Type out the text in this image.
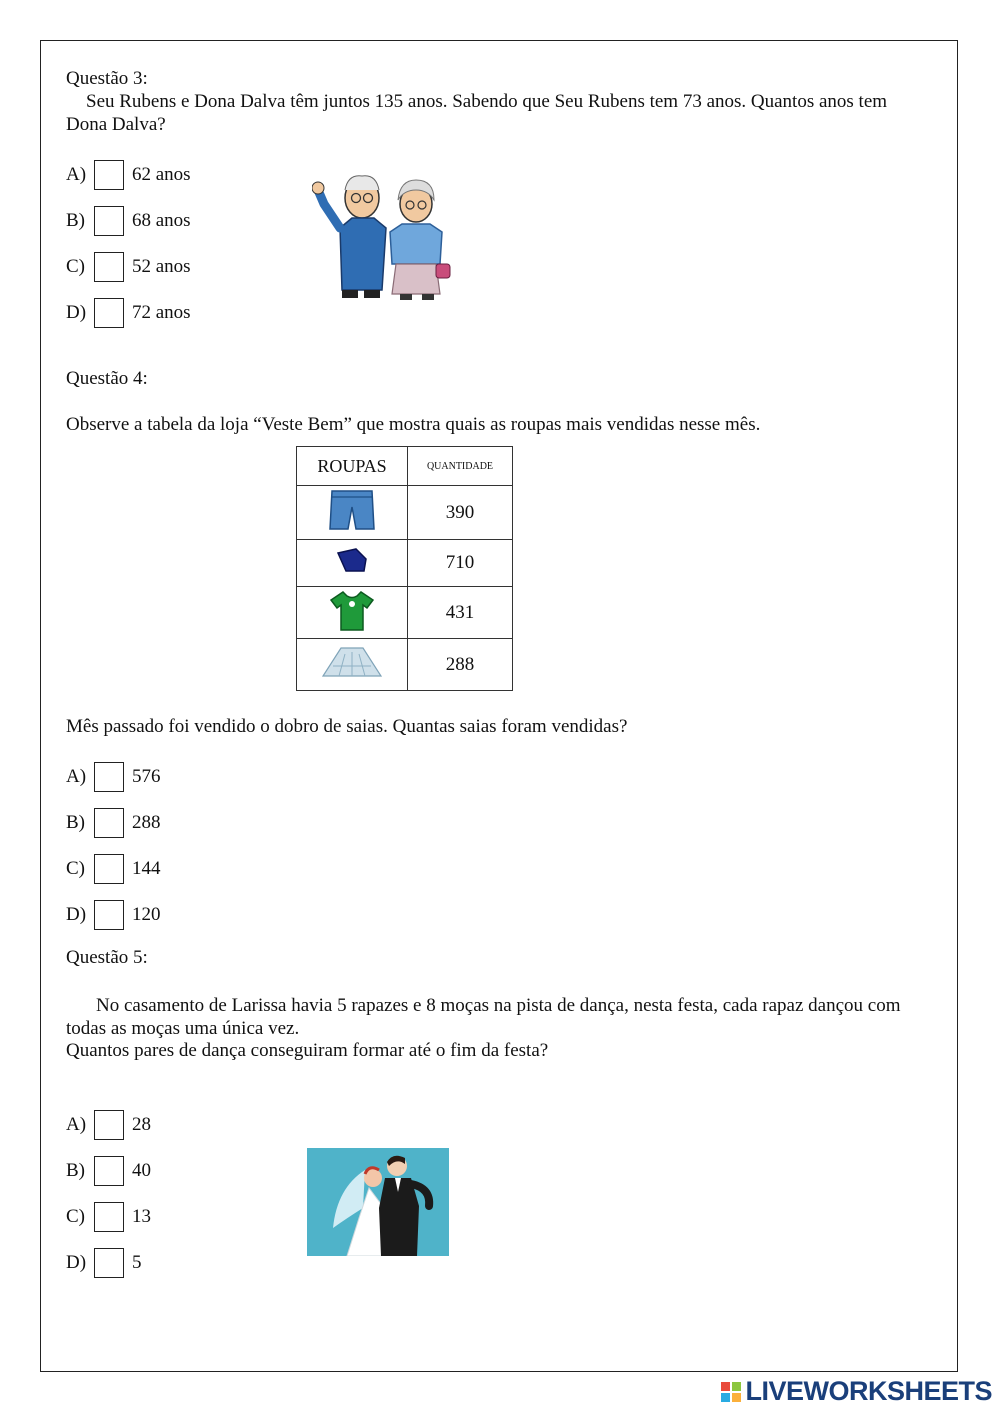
Questão 3:
Seu Rubens e Dona Dalva têm juntos 135 anos. Sabendo que Seu Rubens tem 73 anos. Quantos anos tem Dona Dalva?
A)	62 anos
B)	68 anos
C)	52 anos
D)	72 anos
Questão 4:
Observe a tabela da loja “Veste Bem” que mostra quais as roupas mais vendidas nesse mês.
ROUPAS	QUANTIDADE
	390
	710
	431
	288
Mês passado foi vendido o dobro de saias. Quantas saias foram vendidas?
A)	576
B)	288
C)	144
D)	120
Questão 5:
No casamento de Larissa havia 5 rapazes e 8 moças na pista de dança, nesta festa, cada rapaz dançou com todas as moças uma única vez.
Quantos pares de dança conseguiram formar até o fim da festa?
A)	28
B)	40
C)	13
D)	5
LIVEWORKSHEETS
